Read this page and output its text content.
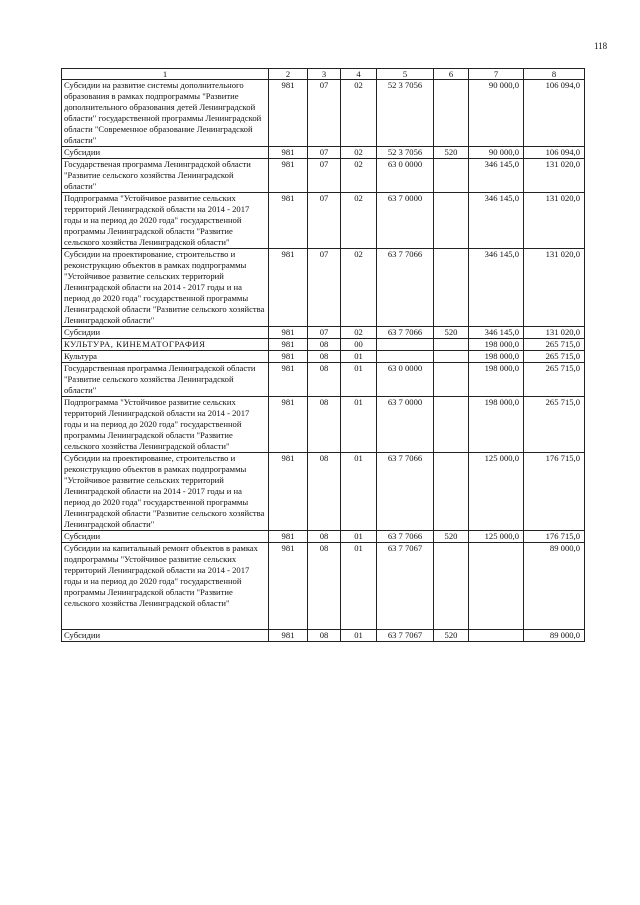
118
1	2	3	4	5	6	7	8
Субсидии на развитие системы дополнительного образования в рамках подпрограммы "Развитие дополнительного образования детей Ленинградской области" государственной программы Ленинградской области "Современное образование Ленинградской области"	981	07	02	52 3 7056		90 000,0	106 094,0
Субсидии	981	07	02	52 3 7056	520	90 000,0	106 094,0
Государственая программа Ленинградской области "Развитие сельского хозяйства Ленинградской области"	981	07	02	63 0 0000		346 145,0	131 020,0
Подпрограмма "Устойчивое развитие сельских территорий Ленинградской области на 2014 - 2017 годы и на период до 2020 года" государственной программы Ленинградской области "Развитие сельского хозяйства Ленинградской области"	981	07	02	63 7 0000		346 145,0	131 020,0
Субсидии на проектирование, строительство и реконструкцию объектов в рамках подпрограммы "Устойчивое развитие сельских территорий Ленинградской области на 2014 - 2017 годы и на период до 2020 года" государственной программы Ленинградской области "Развитие сельского хозяйства Ленинградской области"	981	07	02	63 7 7066		346 145,0	131 020,0
Субсидии	981	07	02	63 7 7066	520	346 145,0	131 020,0
КУЛЬТУРА, КИНЕМАТОГРАФИЯ	981	08	00			198 000,0	265 715,0
Культура	981	08	01			198 000,0	265 715,0
Государственная программа Ленинградской области "Развитие сельского хозяйства Ленинградской области"	981	08	01	63 0 0000		198 000,0	265 715,0
Подпрограмма "Устойчивое развитие сельских территорий Ленинградской области на 2014 - 2017 годы и на период до 2020 года" государственной программы Ленинградской области "Развитие сельского хозяйства Ленинградской области"	981	08	01	63 7 0000		198 000,0	265 715,0
Субсидии на проектирование, строительство и реконструкцию объектов в рамках подпрограммы "Устойчивое развитие сельских территорий Ленинградской области на 2014 - 2017 годы и на период до 2020 года" государственной программы Ленинградской области "Развитие сельского хозяйства Ленинградской области"	981	08	01	63 7 7066		125 000,0	176 715,0
Субсидии	981	08	01	63 7 7066	520	125 000,0	176 715,0
Субсидии на капитальный ремонт объектов в рамках подпрограммы "Устойчивое развитие сельских территорий Ленинградской области на 2014 - 2017 годы и на период до 2020 года" государственной программы Ленинградской области "Развитие сельского хозяйства Ленинградской области"	981	08	01	63 7 7067			89 000,0
Субсидии	981	08	01	63 7 7067	520		89 000,0
